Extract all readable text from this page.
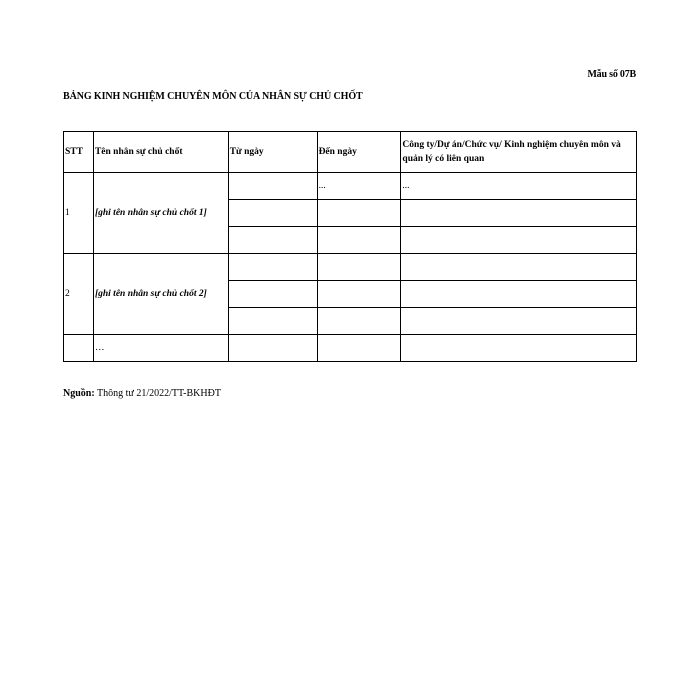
Mẫu số 07B
BẢNG KINH NGHIỆM CHUYÊN MÔN CỦA NHÂN SỰ CHỦ CHỐT
STT	Tên nhân sự chủ chốt	Từ ngày	Đến ngày	Công ty/Dự án/Chức vụ/ Kinh nghiệm chuyên môn và quản lý có liên quan
1	[ghi tên nhân sự chủ chốt 1]		...	...

2	[ghi tên nhân sự chủ chốt 2]			

	…			
Nguồn: Thông tư 21/2022/TT-BKHĐT
